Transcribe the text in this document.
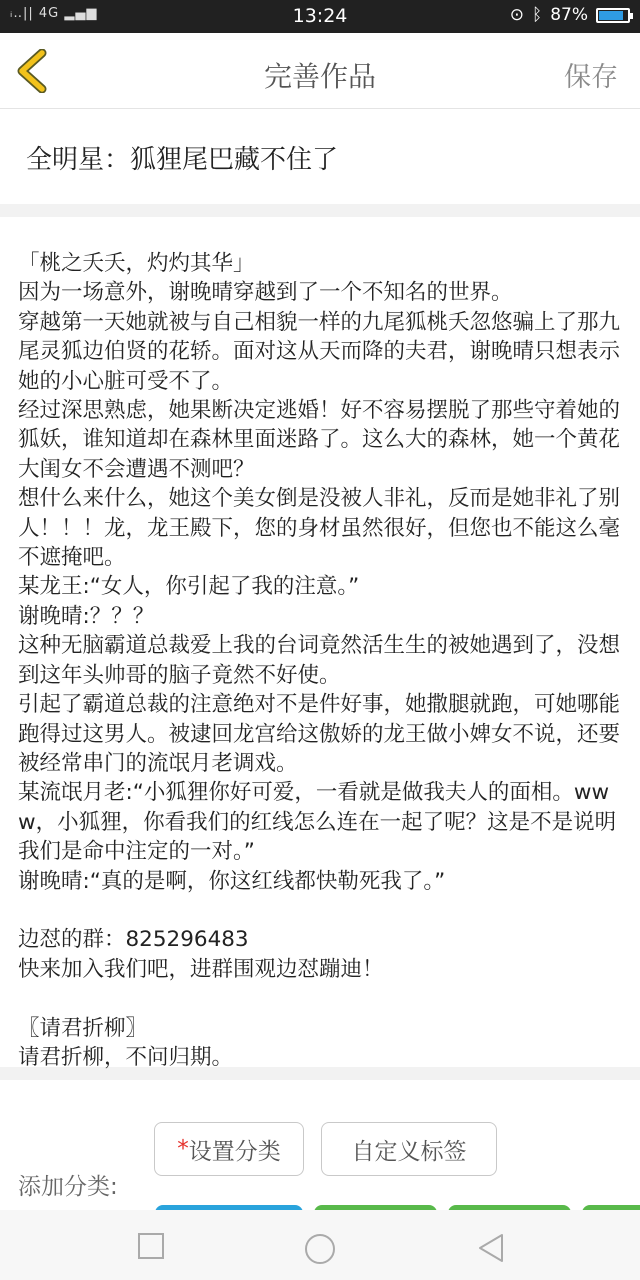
ᵢ‥|| 4G ▂▄▆	13:24	⊙ ᛒ 87%
完善作品	保存
全明星：狐狸尾巴藏不住了
「桃之夭夭，灼灼其华」
因为一场意外，谢晚晴穿越到了一个不知名的世界。
穿越第一天她就被与自己相貌一样的九尾狐桃夭忽悠骗上了那九尾灵狐边伯贤的花轿。面对这从天而降的夫君，谢晚晴只想表示她的小心脏可受不了。
经过深思熟虑，她果断决定逃婚！好不容易摆脱了那些守着她的狐妖，谁知道却在森林里面迷路了。这么大的森林，她一个黄花大闺女不会遭遇不测吧？
想什么来什么，她这个美女倒是没被人非礼，反而是她非礼了别人！！！龙，龙王殿下，您的身材虽然很好，但您也不能这么毫不遮掩吧。
某龙王:“女人，你引起了我的注意。”
谢晚晴:？？？
这种无脑霸道总裁爱上我的台词竟然活生生的被她遇到了，没想到这年头帅哥的脑子竟然不好使。
引起了霸道总裁的注意绝对不是件好事，她撒腿就跑，可她哪能跑得过这男人。被逮回龙宫给这傲娇的龙王做小婢女不说，还要被经常串门的流氓月老调戏。
某流氓月老:“小狐狸你好可爱，一看就是做我夫人的面相。www，小狐狸，你看我们的红线怎么连在一起了呢？这是不是说明我们是命中注定的一对。”
谢晚晴:“真的是啊，你这红线都快勒死我了。”

边怼的群：825296483
快来加入我们吧，进群围观边怼蹦迪！

〖请君折柳〗
请君折柳，不问归期。
* 设置分类	自定义标签
添加分类:
